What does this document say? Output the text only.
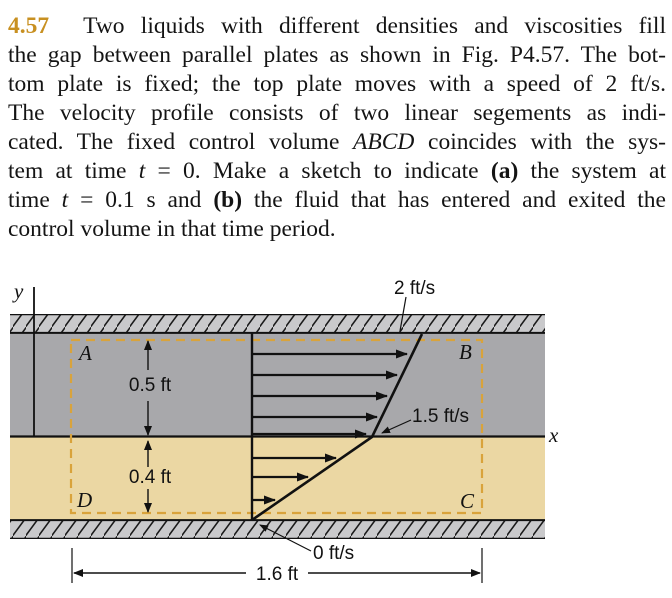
4.57 Two liquids with different densities and viscosities fill
the gap between parallel plates as shown in Fig. P4.57. The bot-
tom plate is fixed; the top plate moves with a speed of 2 ft/s.
The velocity profile consists of two linear segements as indi-
cated. The fixed control volume ABCD coincides with the sys-
tem at time t = 0. Make a sketch to indicate (a) the system at
time t = 0.1 s and (b) the fluid that has entered and exited the
control volume in that time period.
y
x
A	B
D	C
0.5 ft
0.4 ft
2 ft/s
1.5 ft/s
0 ft/s
1.6 ft
